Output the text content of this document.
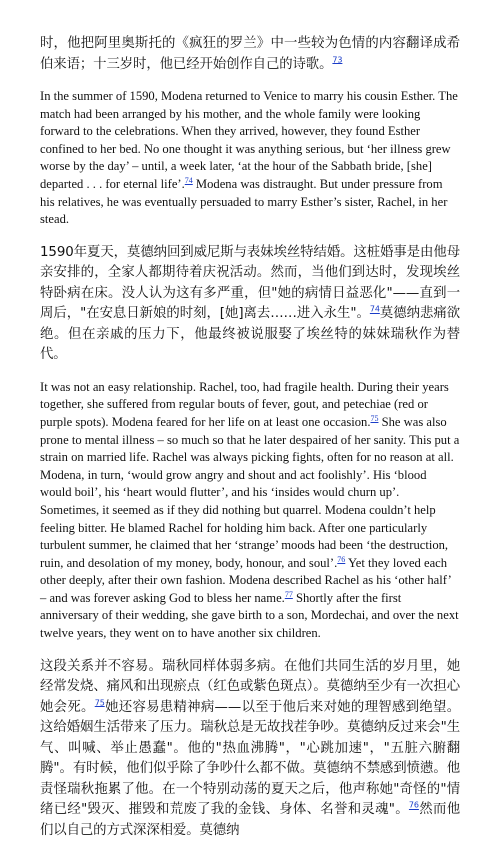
时，他把阿里奥斯托的《疯狂的罗兰》中一些较为色情的内容翻译成希伯来语；十三岁时，他已经开始创作自己的诗歌。$^{73}$

In the summer of 1590, Modena returned to Venice to marry his cousin Esther. The match had been arranged by his mother, and the whole family were looking forward to the celebrations. When they arrived, however, they found Esther confined to her bed. No one thought it was anything serious, but ‘her illness grew worse by the day’ – until, a week later, ‘at the hour of the Sabbath bride, [she] departed . . . for eternal life’.$^{74}$ Modena was distraught. But under pressure from his relatives, he was eventually persuaded to marry Esther’s sister, Rachel, in her stead.

1590年夏天，莫德纳回到威尼斯与表妹埃丝特结婚。这桩婚事是由他母亲安排的，全家人都期待着庆祝活动。然而，当他们到达时，发现埃丝特卧病在床。没人认为这有多严重，但"她的病情日益恶化"——直到一周后，"在安息日新娘的时刻，[她]离去……进入永生"。$^{74}$莫德纳悲痛欲绝。但在亲戚的压力下，他最终被说服娶了埃丝特的妹妹瑞秋作为替代。

It was not an easy relationship. Rachel, too, had fragile health. During their years together, she suffered from regular bouts of fever, gout, and petechiae (red or purple spots). Modena feared for her life on at least one occasion.$^{75}$ She was also prone to mental illness – so much so that he later despaired of her sanity. This put a strain on married life. Rachel was always picking fights, often for no reason at all. Modena, in turn, ‘would grow angry and shout and act foolishly’. His ‘blood would boil’, his ‘heart would flutter’, and his ‘insides would churn up’. Sometimes, it seemed as if they did nothing but quarrel. Modena couldn’t help feeling bitter. He blamed Rachel for holding him back. After one particularly turbulent summer, he claimed that her ‘strange’ moods had been ‘the destruction, ruin, and desolation of my money, body, honour, and soul’.$^{76}$ Yet they loved each other deeply, after their own fashion. Modena described Rachel as his ‘other half’ – and was forever asking God to bless her name.$^{77}$ Shortly after the first anniversary of their wedding, she gave birth to a son, Mordechai, and over the next twelve years, they went on to have another six children.

这段关系并不容易。瑞秋同样体弱多病。在他们共同生活的岁月里，她经常发烧、痛风和出现瘀点（红色或紫色斑点）。莫德纳至少有一次担心她会死。$^{75}$她还容易患精神病——以至于他后来对她的理智感到绝望。这给婚姻生活带来了压力。瑞秋总是无故找茬争吵。莫德纳反过来会"生气、叫喊、举止愚蠢"。他的"热血沸腾"，"心跳加速"，"五脏六腑翻腾"。有时候，他们似乎除了争吵什么都不做。莫德纳不禁感到愤懑。他责怪瑞秋拖累了他。在一个特别动荡的夏天之后，他声称她"奇怪的"情绪已经"毁灭、摧毁和荒废了我的金钱、身体、名誉和灵魂"。$^{76}$然而他们以自己的方式深深相爱。莫德纳
